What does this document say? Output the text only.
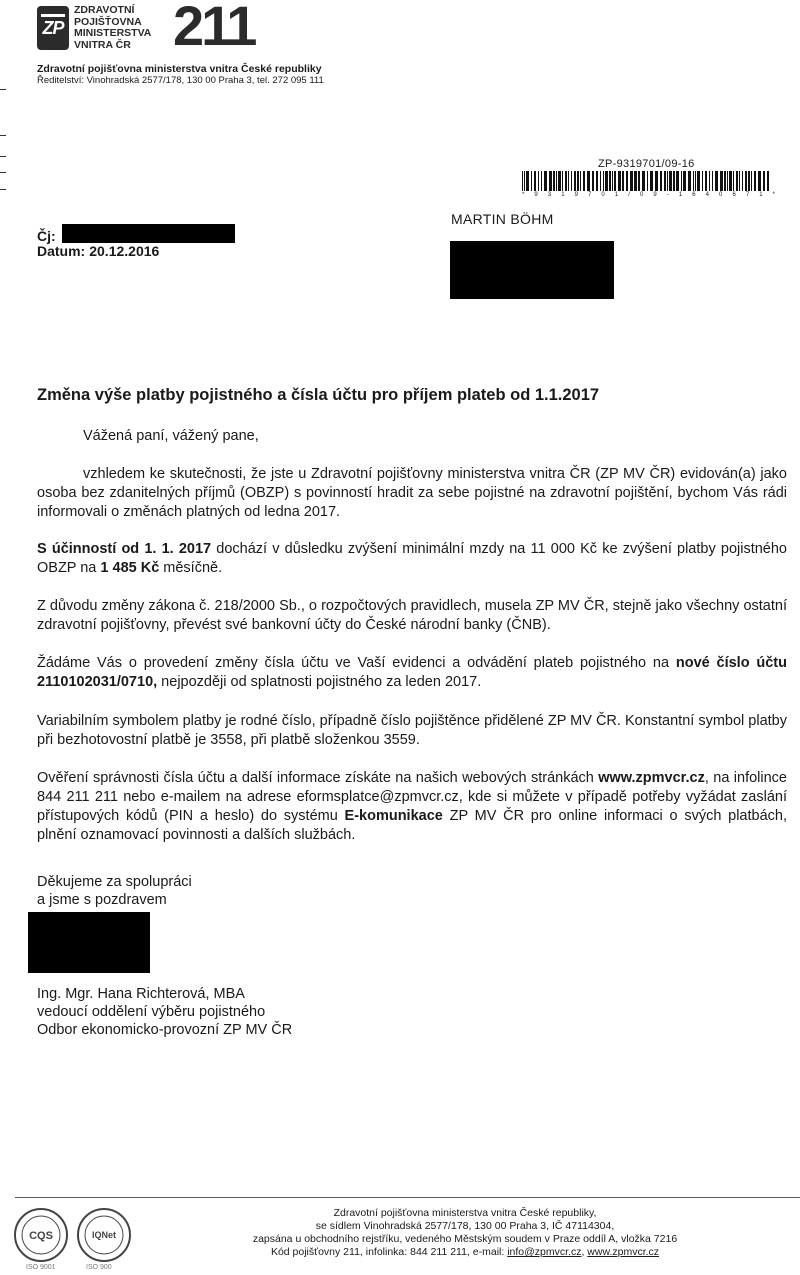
ZP
ZDRAVOTNÍ
POJIŠŤOVNA
MINISTERSTVA
VNITRA ČR 211
Zdravotní pojišťovna ministerstva vnitra České republiky
Ředitelství: Vinohradská 2577/178, 130 00 Praha 3, tel. 272 095 111
ZP-9319701/09-16
* 9 3 1 9 7 0 1 / 0 9 - 1 6 4 0 6 7 1 *
MARTIN BÖHM
Čj:
Datum: 20.12.2016
Změna výše platby pojistného a čísla účtu pro příjem plateb od 1.1.2017
Vážená paní, vážený pane,
vzhledem ke skutečnosti, že jste u Zdravotní pojišťovny ministerstva vnitra ČR (ZP MV ČR) evidován(a) jako osoba bez zdanitelných příjmů (OBZP) s povinností hradit za sebe pojistné na zdravotní pojištění, bychom Vás rádi informovali o změnách platných od ledna 2017.
S účinností od 1. 1. 2017 dochází v důsledku zvýšení minimální mzdy na 11 000 Kč ke zvýšení platby pojistného OBZP na 1 485 Kč měsíčně.
Z důvodu změny zákona č. 218/2000 Sb., o rozpočtových pravidlech, musela ZP MV ČR, stejně jako všechny ostatní zdravotní pojišťovny, převést své bankovní účty do České národní banky (ČNB).
Žádáme Vás o provedení změny čísla účtu ve Vaší evidenci a odvádění plateb pojistného na nové číslo účtu 2110102031/0710, nejpozději od splatnosti pojistného za leden 2017.
Variabilním symbolem platby je rodné číslo, případně číslo pojištěnce přidělené ZP MV ČR. Konstantní symbol platby při bezhotovostní platbě je 3558, při platbě složenkou 3559.
Ověření správnosti čísla účtu a další informace získáte na našich webových stránkách www.zpmvcr.cz, na infolince 844 211 211 nebo e-mailem na adrese eformsplatce@zpmvcr.cz, kde si můžete v případě potřeby vyžádat zaslání přístupových kódů (PIN a heslo) do systému E-komunikace ZP MV ČR pro online informaci o svých platbách, plnění oznamovací povinnosti a dalších službách.
Děkujeme za spolupráci
a jsme s pozdravem
Ing. Mgr. Hana Richterová, MBA
vedoucí oddělení výběru pojistného
Odbor ekonomicko-provozní ZP MV ČR
CQS	IQNet
ISO 9001	ISO 900
Zdravotní pojišťovna ministerstva vnitra České republiky,
se sídlem Vinohradská 2577/178, 130 00 Praha 3, IČ 47114304,
zapsána u obchodního rejstříku, vedeného Městským soudem v Praze oddíl A, vložka 7216
Kód pojišťovny 211, infolinka: 844 211 211, e-mail: info@zpmvcr.cz, www.zpmvcr.cz
